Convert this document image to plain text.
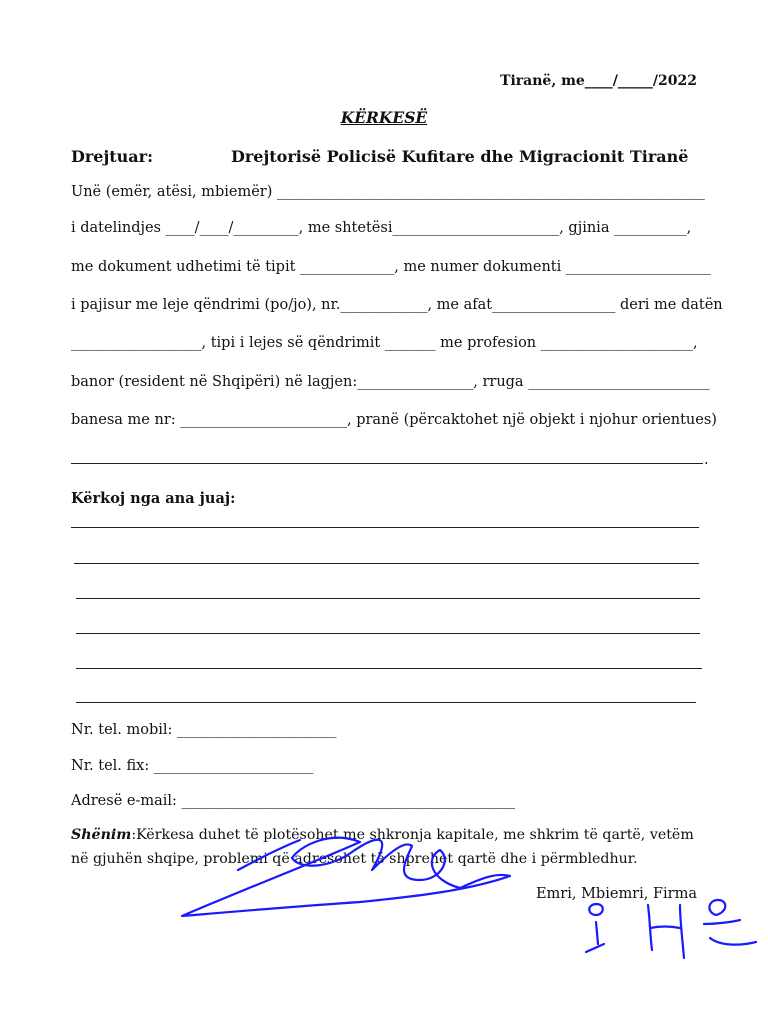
Tiranë, me____/_____/2022
KËRKESË
Drejtuar:	Drejtorisë Policisë Kufitare dhe Migracionit Tiranë
Unë (emër, atësi, mbiemër) ___________________________________________________________
i datelindjes ____/____/_________, me shtetësi_______________________, gjinia __________,
me dokument udhetimi të tipit _____________, me numer dokumenti ____________________
i pajisur me leje qëndrimi (po/jo), nr.____________, me afat_________________ deri me datën
__________________, tipi i lejes së qëndrimit _______ me profesion _____________________,
banor (resident në Shqipëri) në lagjen:________________, rruga _________________________
banesa me nr: _______________________, pranë (përcaktohet një objekt i njohur orientues)
.
Kërkoj nga ana juaj:
Nr. tel. mobil: ______________________
Nr. tel. fix: ______________________
Adresë e-mail: ______________________________________________
Shënim:Kërkesa duhet të plotësohet me shkronja kapitale, me shkrim të qartë, vetëm në gjuhën shqipe, problemi që adresohet të shprehet qartë dhe i përmbledhur.
Emri, Mbiemri, Firma
